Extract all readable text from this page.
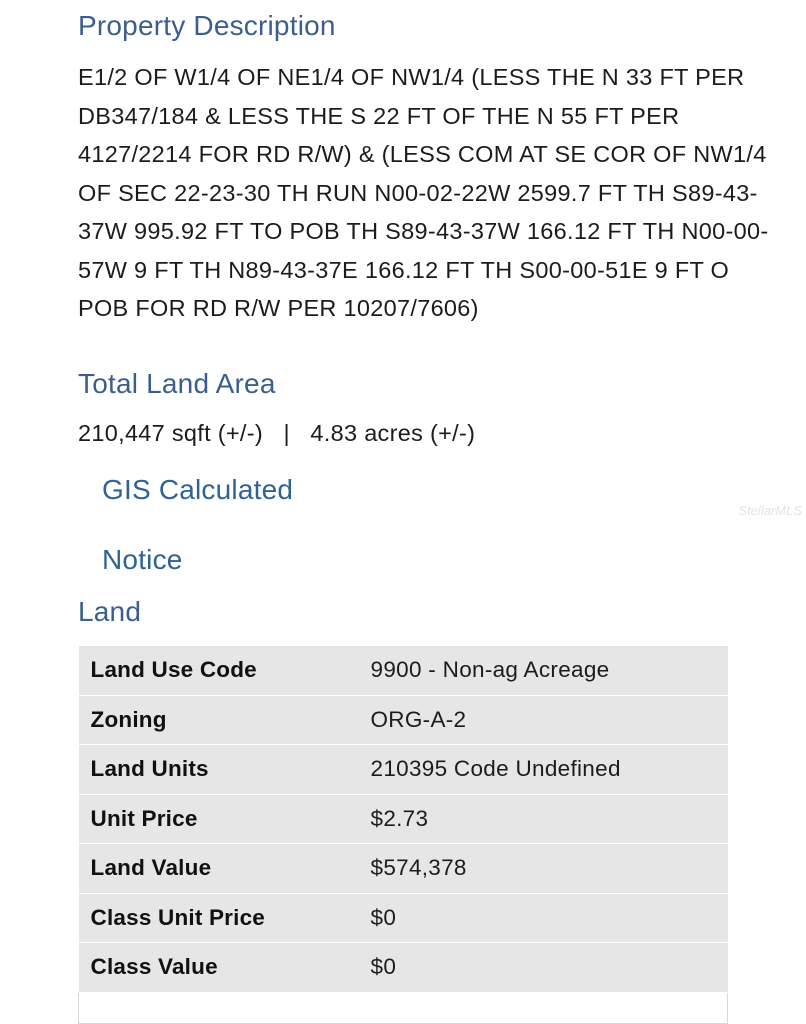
Property Description

E1/2 OF W1/4 OF NE1/4 OF NW1/4 (LESS THE N 33 FT PER DB347/184 & LESS THE S 22 FT OF THE N 55 FT PER 4127/2214 FOR RD R/W) & (LESS COM AT SE COR OF NW1/4 OF SEC 22-23-30 TH RUN N00-02-22W 2599.7 FT TH S89-43-37W 995.92 FT TO POB TH S89-43-37W 166.12 FT TH N00-00-57W 9 FT TH N89-43-37E 166.12 FT TH S00-00-51E 9 FT O POB FOR RD R/W PER 10207/7606)

Total Land Area
210,447 sqft (+/-) | 4.83 acres (+/-)
GIS Calculated
StellarMLS
Notice
Land
Land Use Code	9900 - Non-ag Acreage
Zoning	ORG-A-2
Land Units	210395 Code Undefined
Unit Price	$2.73
Land Value	$574,378
Class Unit Price	$0
Class Value	$0
